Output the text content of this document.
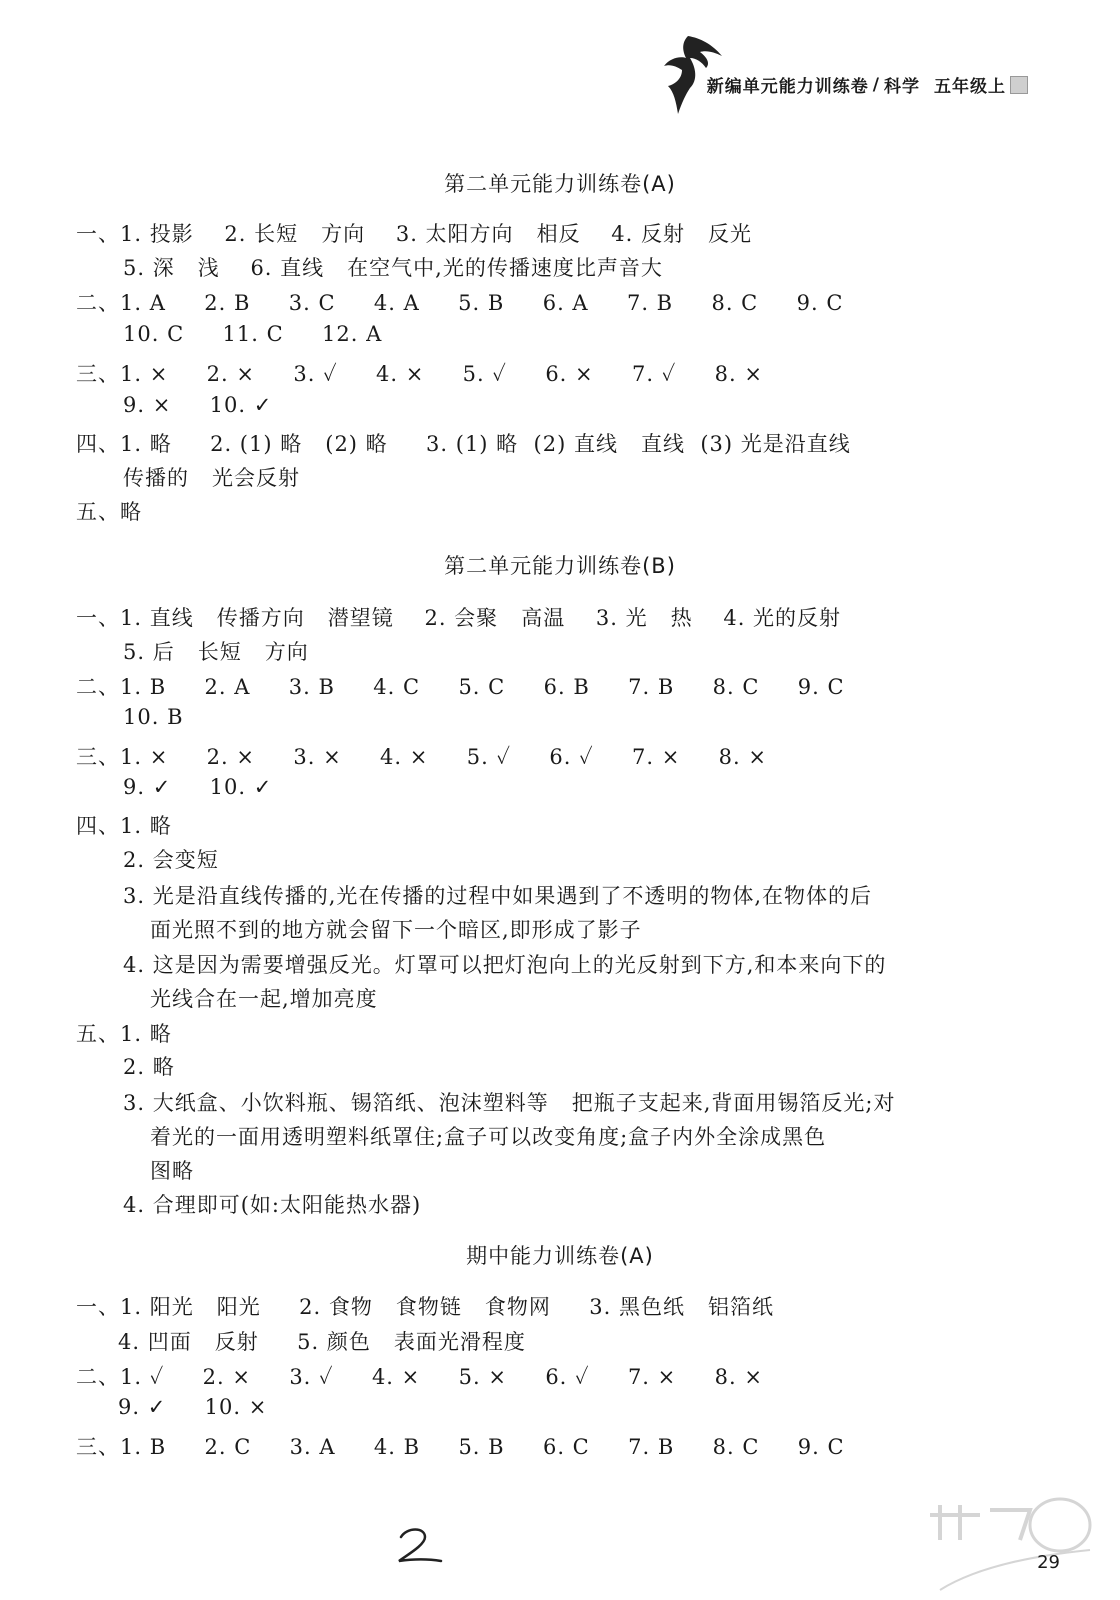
新编单元能力训练卷 / 科学 五年级上
第二单元能力训练卷(A)
一、1. 投影    2. 长短   方向    3. 太阳方向   相反    4. 反射   反光
5. 深   浅    6. 直线   在空气中,光的传播速度比声音大
二、1. A     2. B     3. C     4. A     5. B     6. A     7. B     8. C     9. C
10. C     11. C     12. A
三、1. ×     2. ×     3. ✓     4. ×     5. ✓     6. ×     7. ✓     8. ×
9. ×     10. ✓
四、1. 略     2. (1) 略   (2) 略     3. (1) 略  (2) 直线   直线  (3) 光是沿直线
传播的   光会反射
五、略
第二单元能力训练卷(B)
一、1. 直线   传播方向   潜望镜    2. 会聚   高温    3. 光   热    4. 光的反射
5. 后   长短   方向
二、1. B     2. A     3. B     4. C     5. C     6. B     7. B     8. C     9. C
10. B
三、1. ×     2. ×     3. ×     4. ×     5. ✓     6. ✓     7. ×     8. ×
9. ✓     10. ✓
四、1. 略
2. 会变短
3. 光是沿直线传播的,光在传播的过程中如果遇到了不透明的物体,在物体的后
面光照不到的地方就会留下一个暗区,即形成了影子
4. 这是因为需要增强反光。灯罩可以把灯泡向上的光反射到下方,和本来向下的
光线合在一起,增加亮度
五、1. 略
2. 略
3. 大纸盒、小饮料瓶、锡箔纸、泡沫塑料等   把瓶子支起来,背面用锡箔反光;对
着光的一面用透明塑料纸罩住;盒子可以改变角度;盒子内外全涂成黑色
图略
4. 合理即可(如:太阳能热水器)
期中能力训练卷(A)
一、1. 阳光   阳光     2. 食物   食物链   食物网     3. 黑色纸   铝箔纸
4. 凹面   反射     5. 颜色   表面光滑程度
二、1. ✓     2. ×     3. ✓     4. ×     5. ×     6. ✓     7. ×     8. ×
9. ✓     10. ×
三、1. B     2. C     3. A     4. B     5. B     6. C     7. B     8. C     9. C
29
